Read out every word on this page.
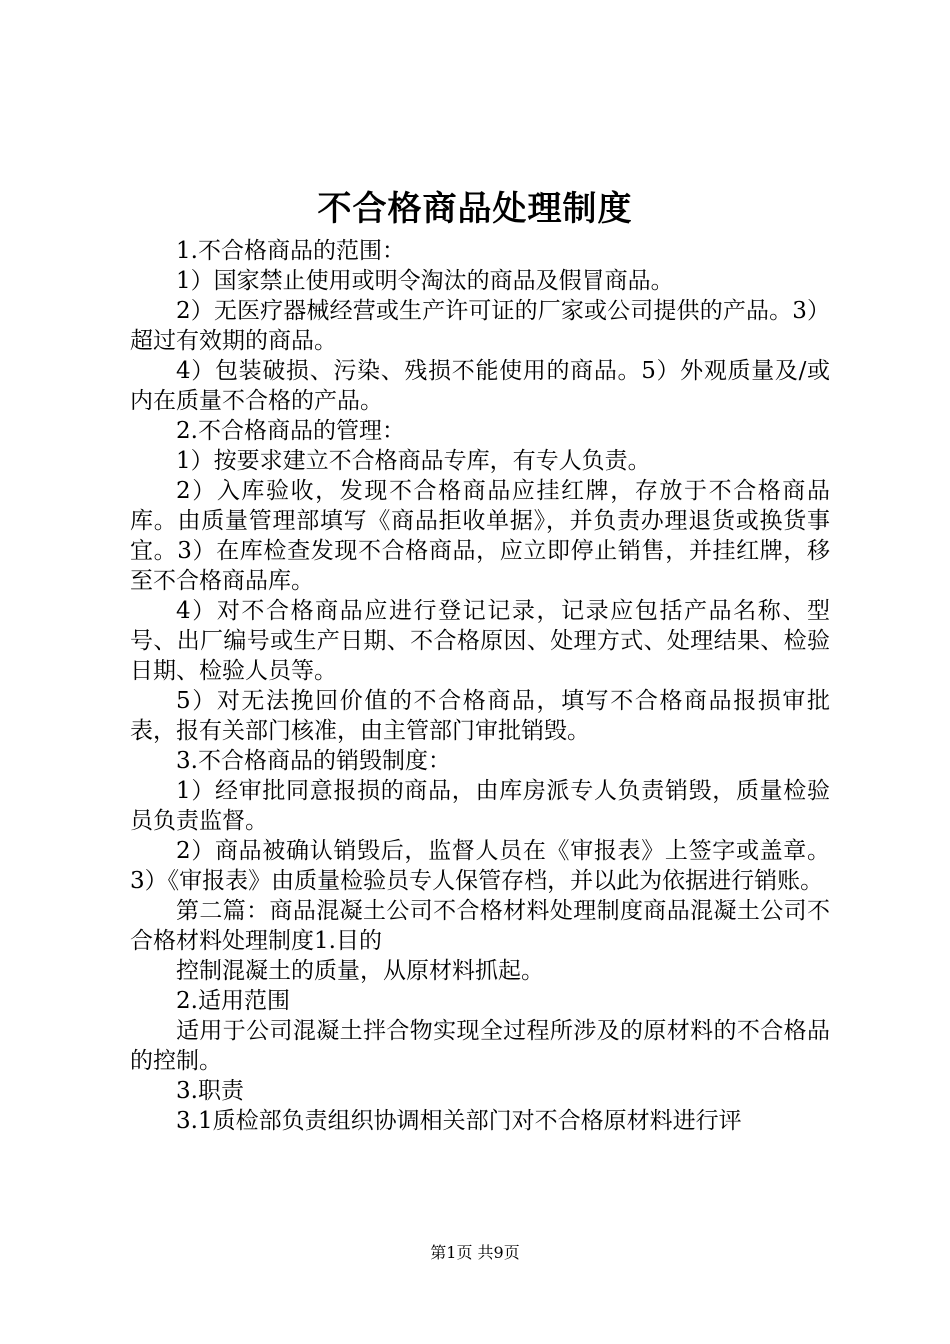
不合格商品处理制度

1.不合格商品的范围：

1）国家禁止使用或明令淘汰的商品及假冒商品。

2）无医疗器械经营或生产许可证的厂家或公司提供的产品。3）超过有效期的商品。

4）包装破损、污染、残损不能使用的商品。5）外观质量及/或内在质量不合格的产品。

2.不合格商品的管理：

1）按要求建立不合格商品专库，有专人负责。

2）入库验收，发现不合格商品应挂红牌，存放于不合格商品库。由质量管理部填写《商品拒收单据》，并负责办理退货或换货事宜。3）在库检查发现不合格商品，应立即停止销售，并挂红牌，移至不合格商品库。

4）对不合格商品应进行登记记录，记录应包括产品名称、型号、出厂编号或生产日期、不合格原因、处理方式、处理结果、检验日期、检验人员等。

5）对无法挽回价值的不合格商品，填写不合格商品报损审批表，报有关部门核准，由主管部门审批销毁。

3.不合格商品的销毁制度：

1）经审批同意报损的商品，由库房派专人负责销毁，质量检验员负责监督。

2）商品被确认销毁后，监督人员在《审报表》上签字或盖章。3）《审报表》由质量检验员专人保管存档，并以此为依据进行销账。

第二篇：商品混凝土公司不合格材料处理制度商品混凝土公司不合格材料处理制度1.目的

控制混凝土的质量，从原材料抓起。

2.适用范围

适用于公司混凝土拌合物实现全过程所涉及的原材料的不合格品的控制。

3.职责

3.1质检部负责组织协调相关部门对不合格原材料进行评

第1页 共9页
